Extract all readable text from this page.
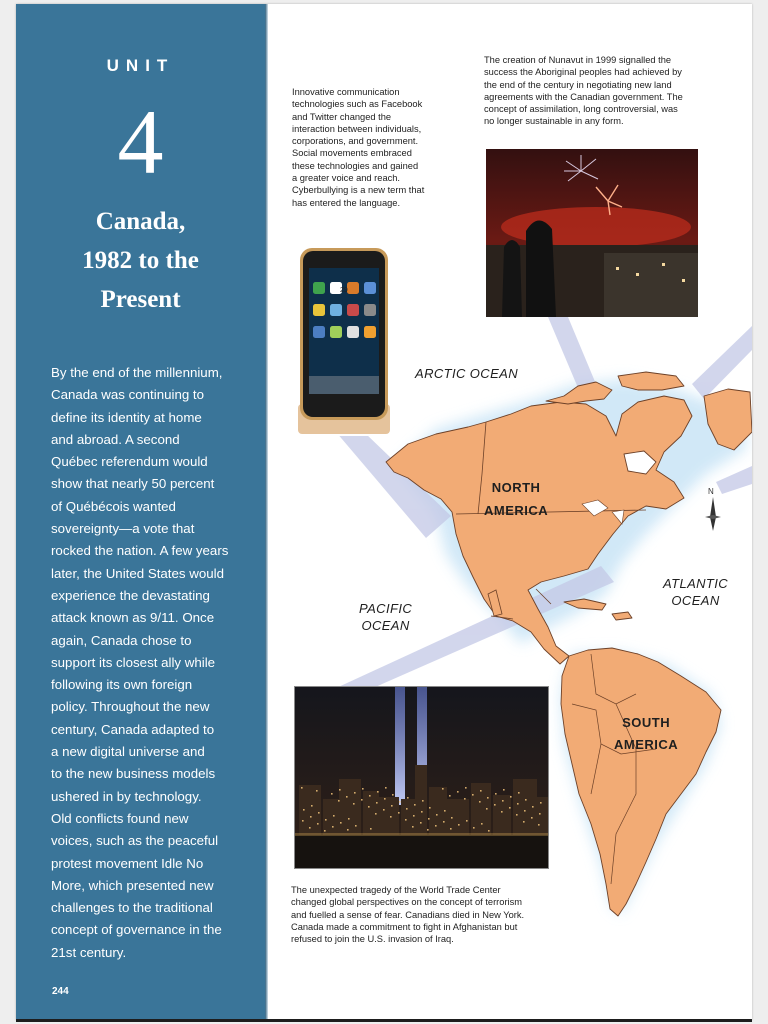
UNIT
4
Canada,
1982 to the
Present
By the end of the millennium,
Canada was continuing to
define its identity at home
and abroad. A second
Québec referendum would
show that nearly 50 percent
of Québécois wanted
sovereignty—a vote that
rocked the nation. A few years
later, the United States would
experience the devastating
attack known as 9/11. Once
again, Canada chose to
support its closest ally while
following its own foreign
policy. Throughout the new
century, Canada adapted to
a new digital universe and
to the new business models
ushered in by technology.
Old conflicts found new
voices, such as the peaceful
protest movement Idle No
More, which presented new
challenges to the traditional
concept of governance in the
21st century.
244
Innovative communication
technologies such as Facebook
and Twitter changed the
interaction between individuals,
corporations, and government.
Social movements embraced
these technologies and gained
a greater voice and reach.
Cyberbullying is a new term that
has entered the language.
The creation of Nunavut in 1999 signalled the
success the Aboriginal peoples had achieved by
the end of the century in negotiating new land
agreements with the Canadian government. The
concept of assimilation, long controversial, was
no longer sustainable in any form.
29
The unexpected tragedy of the World Trade Center
changed global perspectives on the concept of terrorism
and fuelled a sense of fear. Canadians died in New York.
Canada made a commitment to fight in Afghanistan but
refused to join the U.S. invasion of Iraq.
ARCTIC OCEAN
PACIFIC
OCEAN
ATLANTIC
OCEAN
NORTH
AMERICA
SOUTH
AMERICA
N
